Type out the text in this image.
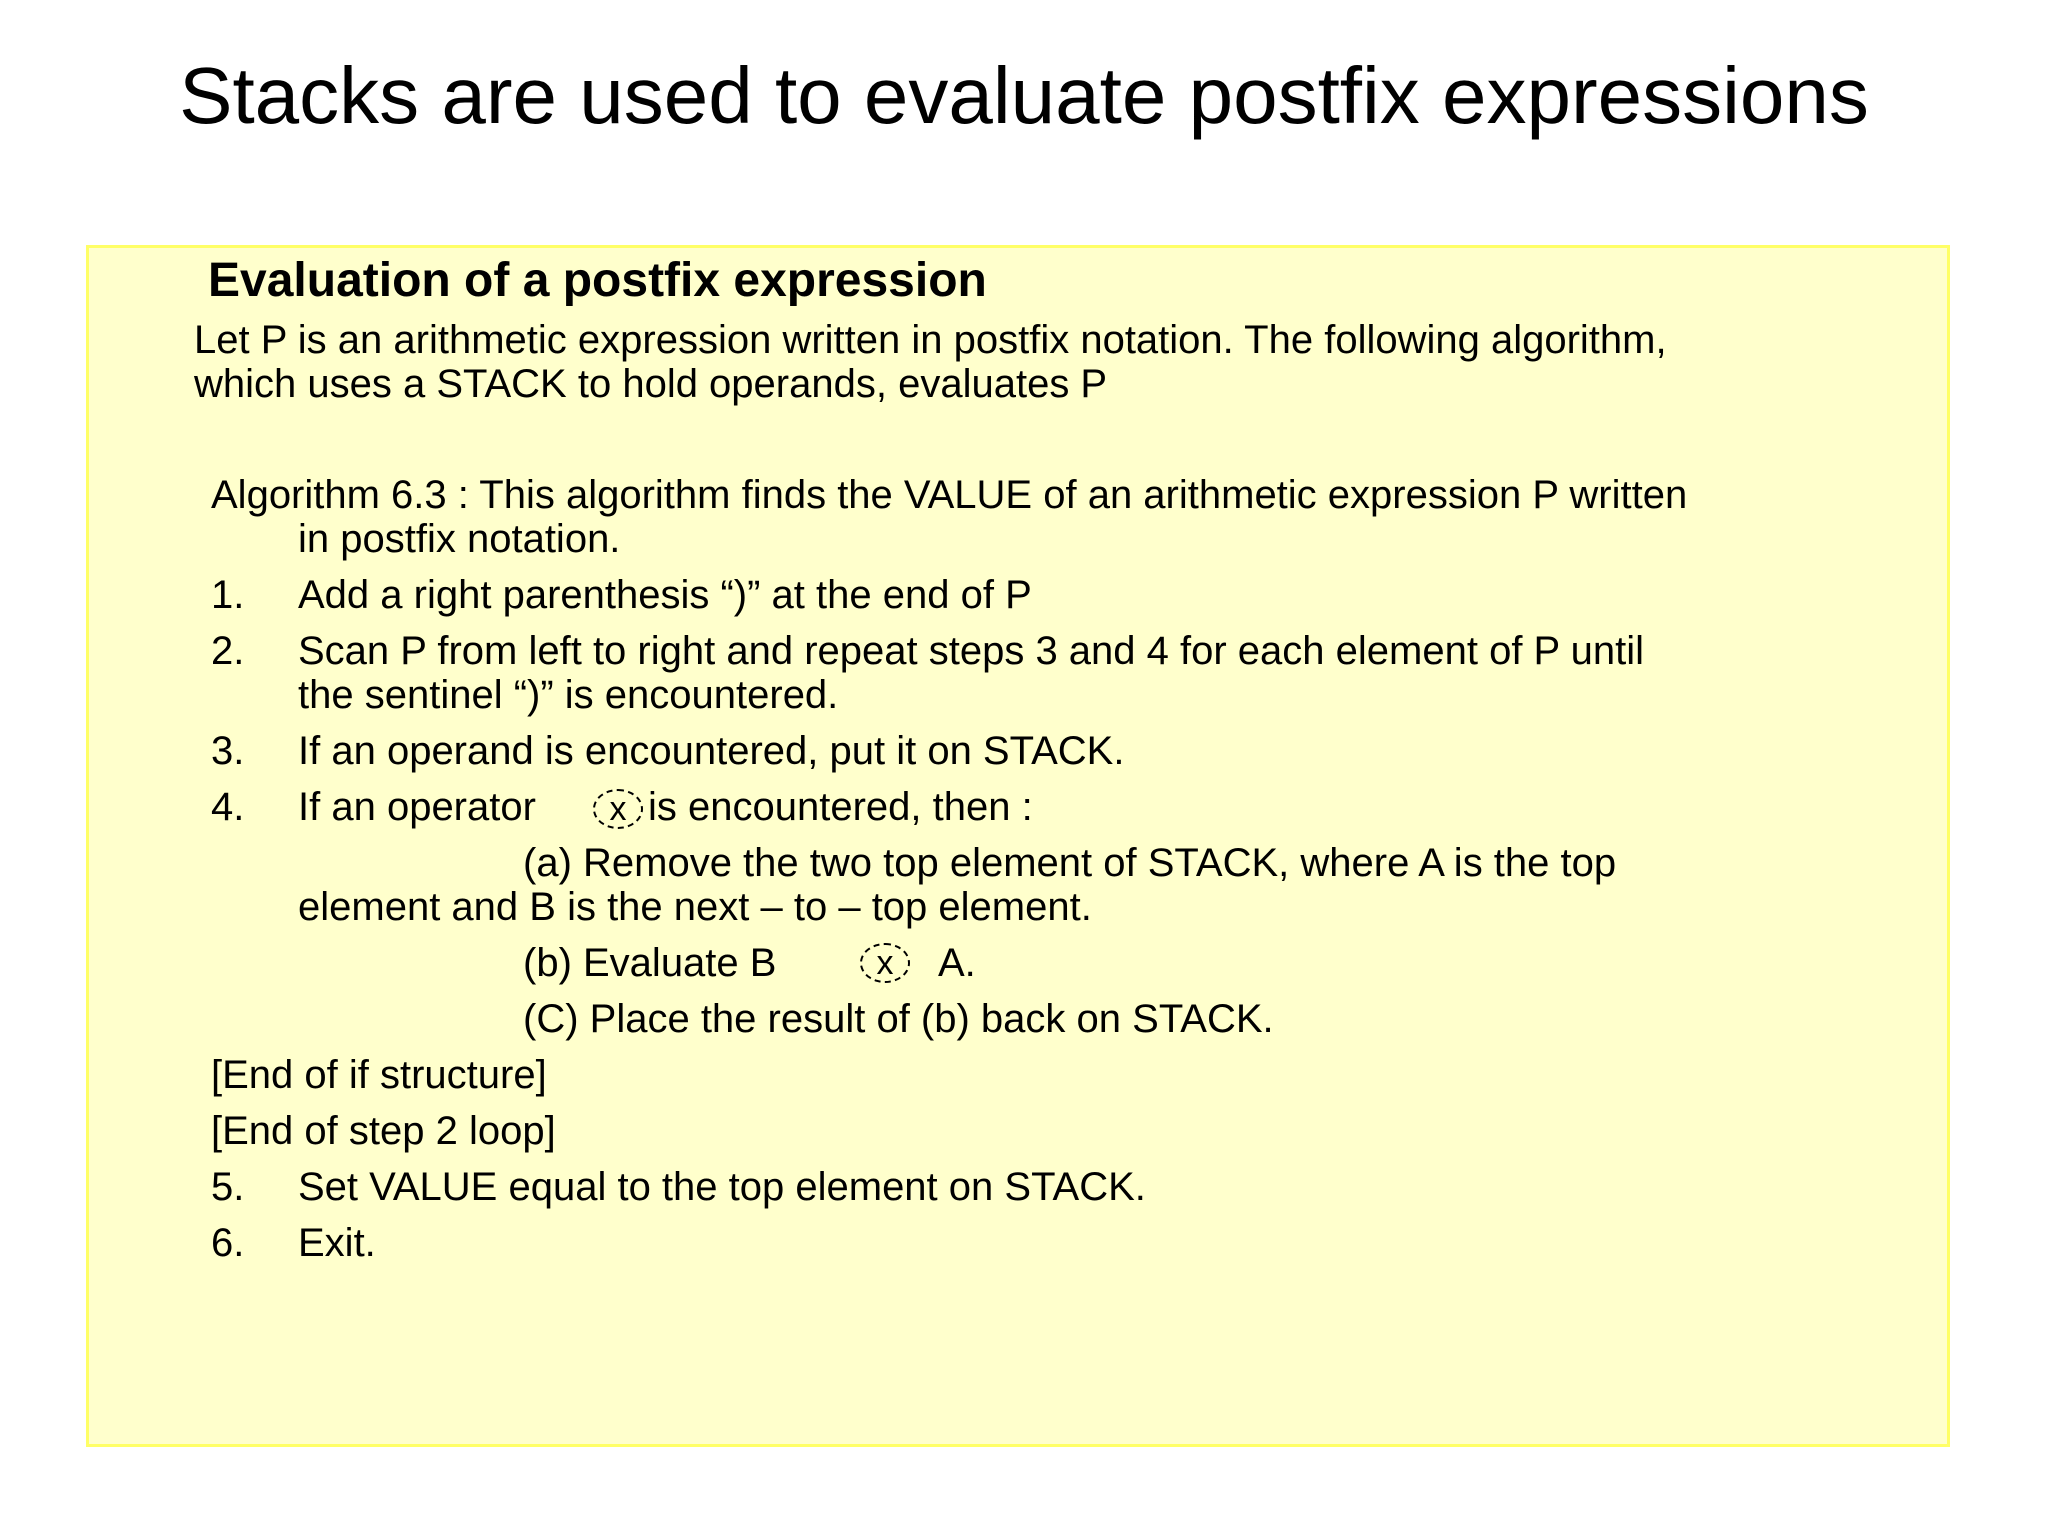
Stacks are used to evaluate postfix expressions
Evaluation of a postfix expression
Let P is an arithmetic expression written in postfix notation. The following algorithm,
which uses a STACK to hold operands, evaluates P
Algorithm 6.3 : This algorithm finds the VALUE of an arithmetic expression P written
in postfix notation.
1. Add a right parenthesis “)” at the end of P
2. Scan P from left to right and repeat steps 3 and 4 for each element of P until
the sentinel “)” is encountered.
3. If an operand is encountered, put it on STACK.
4. If an operator	x is encountered, then :
(a) Remove the two top element of STACK, where A is the top
element and B is the next – to – top element.
(b) Evaluate B	x	A.
(C) Place the result of (b) back on STACK.
[End of if structure]
[End of step 2 loop]
5. Set VALUE equal to the top element on STACK.
6. Exit.
